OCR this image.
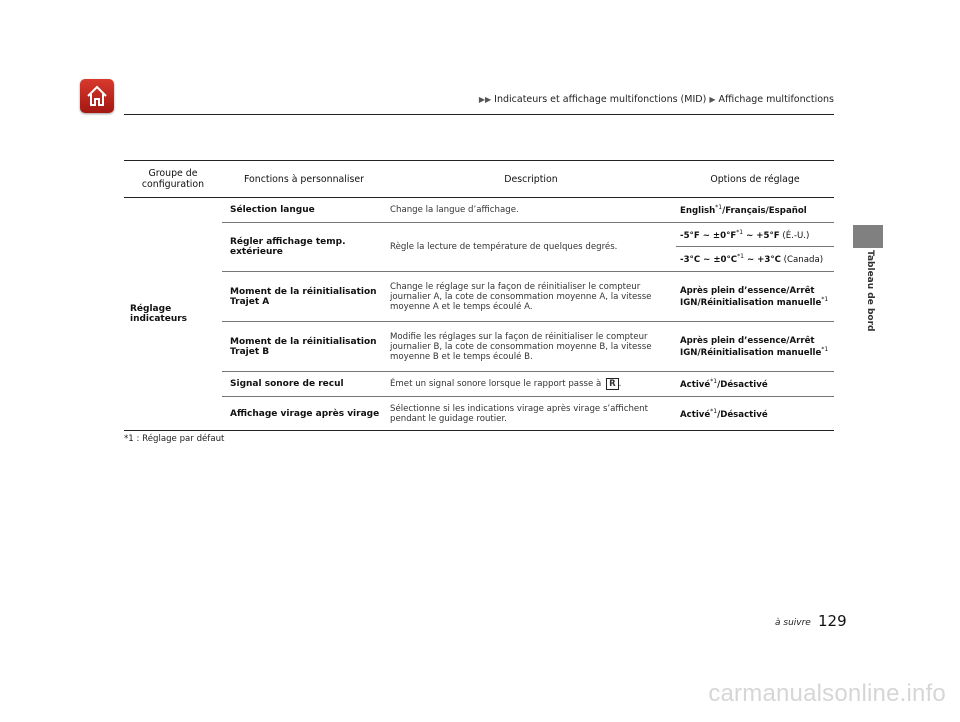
▶▶ Indicateurs et affichage multifonctions (MID) ▶ Affichage multifonctions
Tableau de bord
Groupe de configuration	Fonctions à personnaliser	Description	Options de réglage
Réglage indicateurs	Sélection langue	Change la langue d’affichage.	English$^{*1}$/Français/Español
	Régler affichage temp. extérieure	Règle la lecture de température de quelques degrés.	-5°F ~ $\pm 0^\circ F^{*1}$ ~ +5°F (É.-U.)
			-3°C ~ $\pm 0^\circ C^{*1}$ ~ +3°C (Canada)
	Moment de la réinitialisation Trajet A	Change le réglage sur la façon de réinitialiser le compteur journalier A, la cote de consommation moyenne A, la vitesse moyenne A et le temps écoulé A.	Après plein d’essence/Arrêt IGN/Réinitialisation manuelle$^{*1}$
	Moment de la réinitialisation Trajet B	Modifie les réglages sur la façon de réinitialiser le compteur journalier B, la cote de consommation moyenne B, la vitesse moyenne B et le temps écoulé B.	Après plein d’essence/Arrêt IGN/Réinitialisation manuelle$^{*1}$
	Signal sonore de recul	Émet un signal sonore lorsque le rapport passe à R .	Activé$^{*1}$/Désactivé
	Affichage virage après virage	Sélectionne si les indications virage après virage s’affichent pendant le guidage routier.	Activé$^{*1}$/Désactivé
*1 : Réglage par défaut
à suivre 129
carmanualsonline.info
